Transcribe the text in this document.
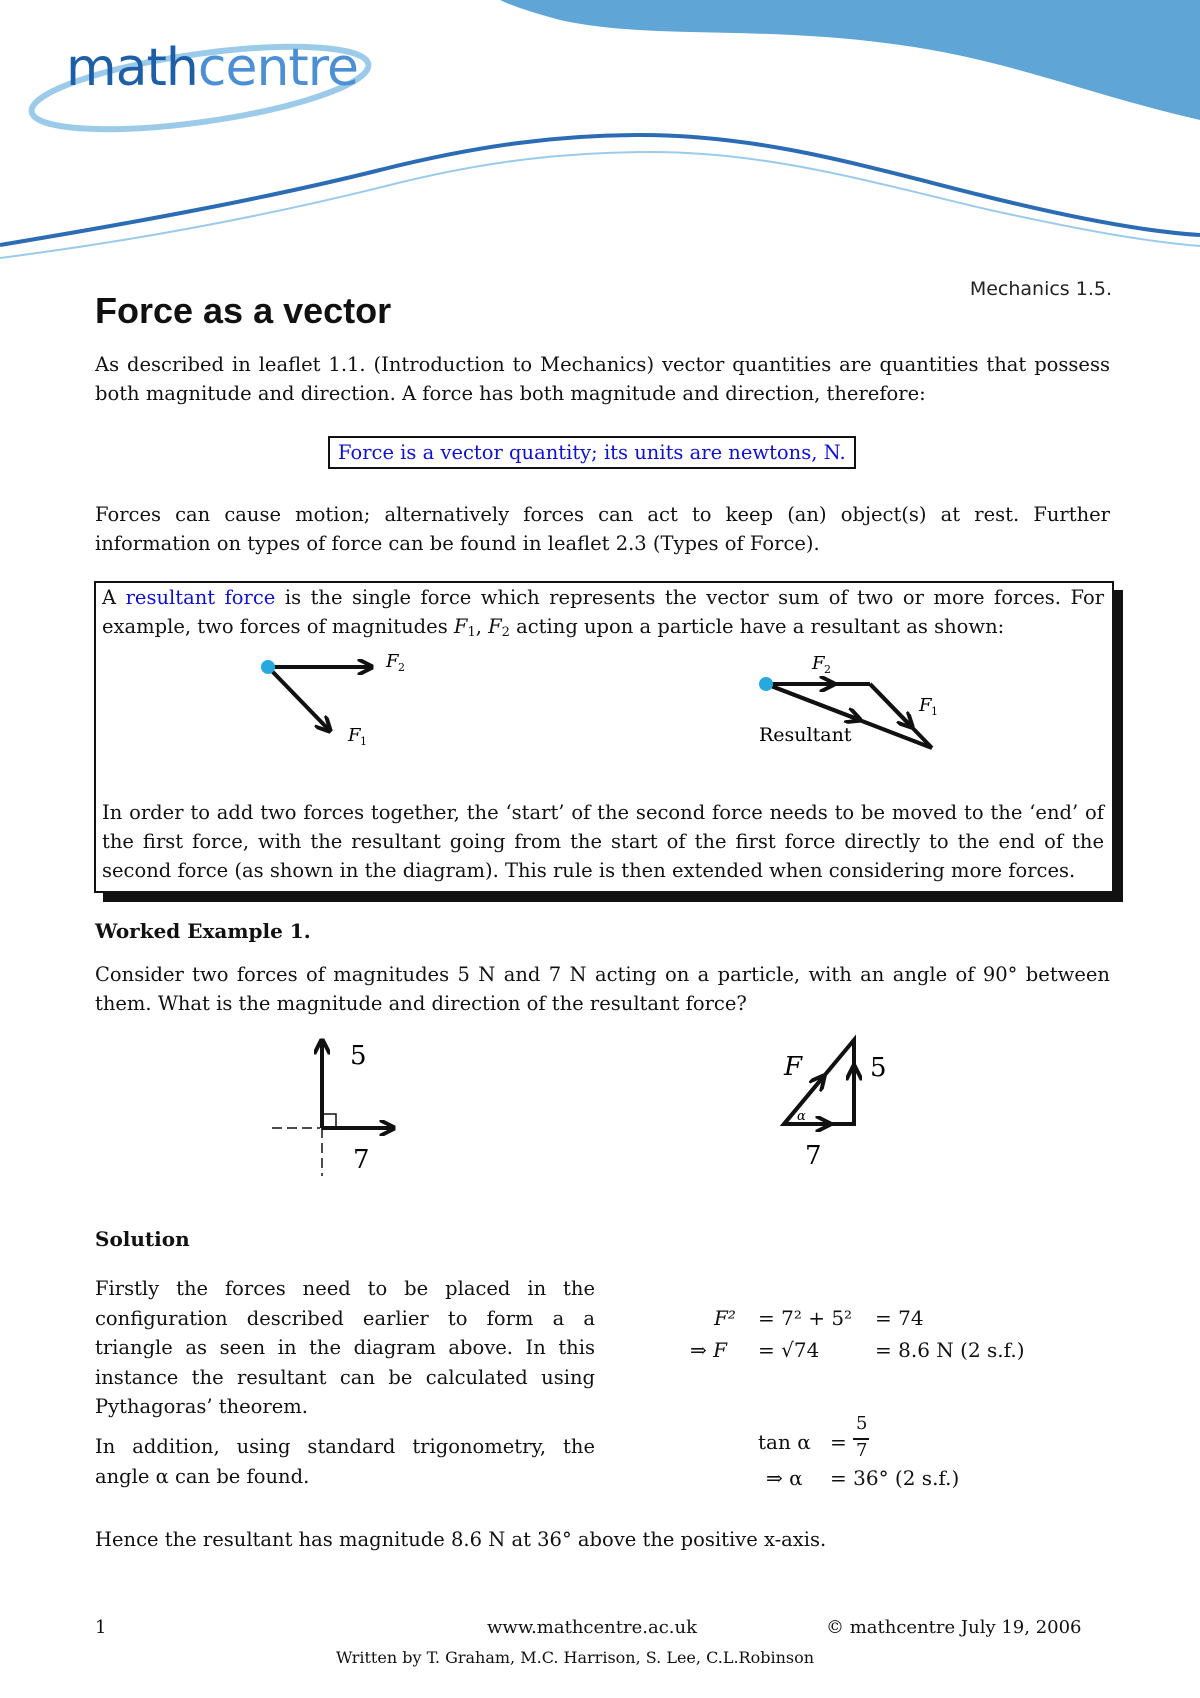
mathcentre
Mechanics 1.5.
Force as a vector

As described in leaflet 1.1. (Introduction to Mechanics) vector quantities are quantities that possess both magnitude and direction. A force has both magnitude and direction, therefore:

Force is a vector quantity; its units are newtons, N.

Forces can cause motion; alternatively forces can act to keep (an) object(s) at rest. Further information on types of force can be found in leaflet 2.3 (Types of Force).

A resultant force is the single force which represents the vector sum of two or more forces. For example, two forces of magnitudes $F_1$, $F_2$ acting upon a particle have a resultant as shown:

F 2
F 1
F 2
F 1
Resultant

In order to add two forces together, the ‘start’ of the second force needs to be moved to the ‘end’ of the first force, with the resultant going from the start of the first force directly to the end of the second force (as shown in the diagram). This rule is then extended when considering more forces.

Worked Example 1.

Consider two forces of magnitudes 5 N and 7 N acting on a particle, with an angle of 90° between them. What is the magnitude and direction of the resultant force?

5
7
F	5
7
α
Solution

Firstly the forces need to be placed in the configuration described earlier to form a a triangle as seen in the diagram above. In this instance the resultant can be calculated using Pythagoras’ theorem.

In addition, using standard trigonometry, the angle α can be found.

F² = 7² + 5² = 74
⇒ F = √74	= 8.6 N (2 s.f.)
tan α =
5
7
⇒ α = 36° (2 s.f.)

Hence the resultant has magnitude 8.6 N at 36° above the positive x-axis.

1	www.mathcentre.ac.uk	© mathcentre July 19, 2006
Written by T. Graham, M.C. Harrison, S. Lee, C.L.Robinson
